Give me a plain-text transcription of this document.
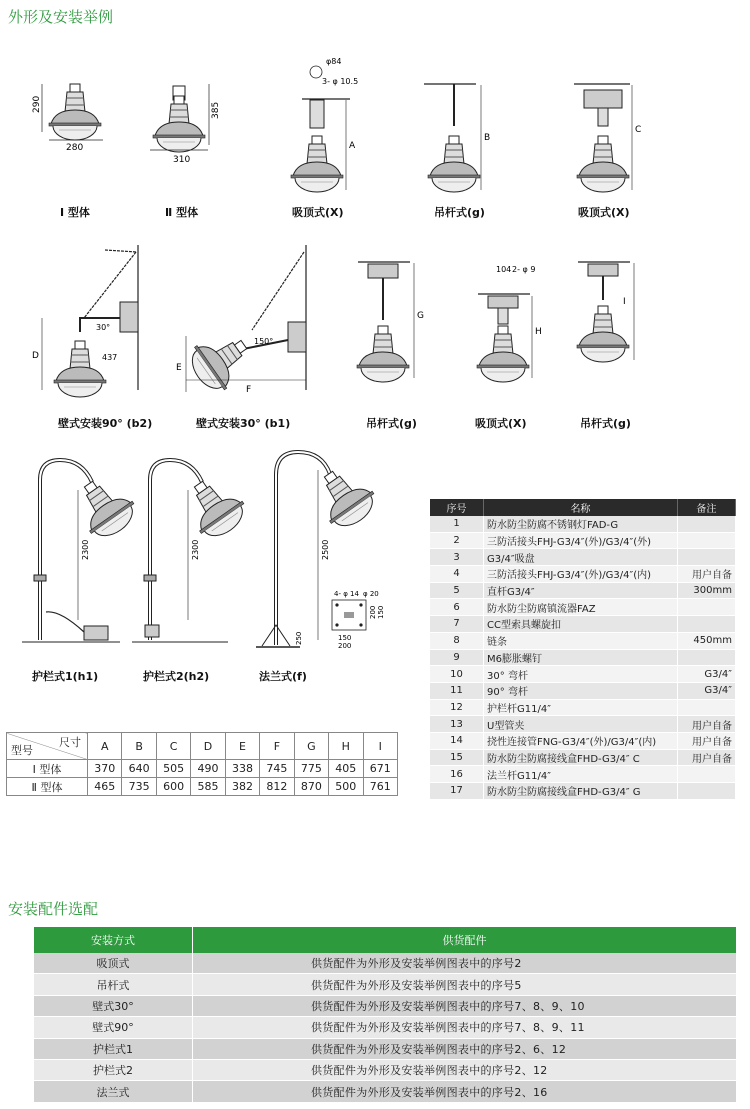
外形及安装举例
290
280
385
310
φ84
3- φ 10.5
A
B
C
D
30°
437
E
F
150°
G
104 2- φ 9
H
I
2300	2300	2500
4- φ 14 φ 20
150
200
200 150
250
Ⅰ 型体	Ⅱ 型体	吸顶式(X)	吊杆式(g)	吸顶式(X)
壁式安装90° (b2)	壁式安装30° (b1)	吊杆式(g)	吸顶式(X)	吊杆式(g)
护栏式1(h1)	护栏式2(h2)	法兰式(f)
序号	名称	备注
1	防水防尘防腐不锈钢灯FAD-G	
2	三防活接头FHJ-G3/4″(外)/G3/4″(外)	
3	G3/4″吸盘	
4	三防活接头FHJ-G3/4″(外)/G3/4″(内)	用户自备
5	直杆G3/4″	300mm
6	防水防尘防腐镇流器FAZ	
7	CC型索具螺旋扣	
8	链条	450mm
9	M6膨胀螺钉	
10	30° 弯杆	G3/4″
11	90° 弯杆	G3/4″
12	护栏杆G11/4″	
13	U型管夹	用户自备
14	挠性连接管FNG-G3/4″(外)/G3/4″(内)	用户自备
15	防水防尘防腐接线盒FHD-G3/4″ C	用户自备
16	法兰杆G11/4″	
17	防水防尘防腐接线盒FHD-G3/4″ G	
尺寸
型号	A	B	C	D	E	F	G	H	I
Ⅰ 型体	370	640	505	490	338	745	775	405	671
Ⅱ 型体	465	735	600	585	382	812	870	500	761
安装配件选配
安装方式	供货配件
吸顶式	供货配件为外形及安装举例图表中的序号2
吊杆式	供货配件为外形及安装举例图表中的序号5
壁式30°	供货配件为外形及安装举例图表中的序号7、8、9、10
壁式90°	供货配件为外形及安装举例图表中的序号7、8、9、11
护栏式1	供货配件为外形及安装举例图表中的序号2、6、12
护栏式2	供货配件为外形及安装举例图表中的序号2、12
法兰式	供货配件为外形及安装举例图表中的序号2、16
